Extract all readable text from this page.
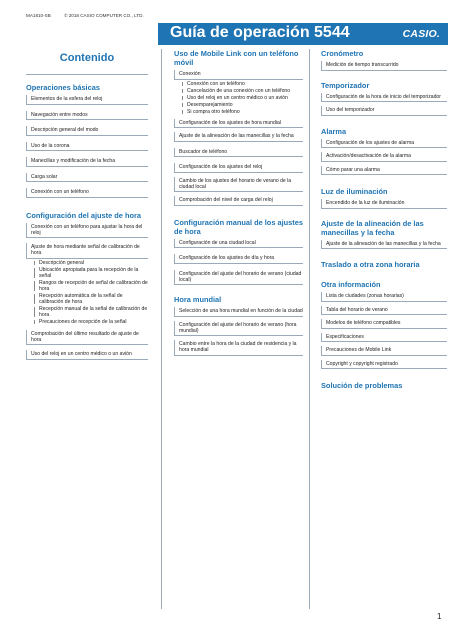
MA1810-SB	© 2018 CASIO COMPUTER CO., LTD.
Guía de operación 5544	CASIO.
Contenido
Operaciones básicas
Elementos de la esfera del reloj
Navegación entre modos
Descripción general del modo
Uso de la corona
Manecillas y modificación de la fecha
Carga solar
Conexión con un teléfono
Configuración del ajuste de hora
Conexión con un teléfono para ajustar la hora del reloj
Ajuste de hora mediante señal de calibración de hora
Descripción general
Ubicación apropiada para la recepción de la señal
Rangos de recepción de señal de calibración de hora
Recepción automática de la señal de calibración de hora
Recepción manual de la señal de calibración de hora
Precauciones de recepción de la señal
Comprobación del último resultado de ajuste de hora
Uso del reloj en un centro médico o un avión
Uso de Mobile Link con un teléfono móvil
Conexión
Conexión con un teléfono
Cancelación de una conexión con un teléfono
Uso del reloj en un centro médico o un avión
Desemparejamiento
Si compra otro teléfono
Configuración de los ajustes de hora mundial
Ajuste de la alineación de las manecillas y la fecha
Buscador de teléfono
Configuración de los ajustes del reloj
Cambio de los ajustes del horario de verano de la ciudad local
Comprobación del nivel de carga del reloj
Configuración manual de los ajustes de hora
Configuración de una ciudad local
Configuración de los ajustes de día y hora
Configuración del ajuste del horario de verano (ciudad local)
Hora mundial
Selección de una hora mundial en función de la ciudad
Configuración del ajuste del horario de verano (hora mundial)
Cambio entre la hora de la ciudad de residencia y la hora mundial
Cronómetro
Medición de tiempo transcurrido
Temporizador
Configuración de la hora de inicio del temporizador
Uso del temporizador
Alarma
Configuración de los ajustes de alarma
Activación/desactivación de la alarma
Cómo parar una alarma
Luz de iluminación
Encendido de la luz de iluminación
Ajuste de la alineación de las manecillas y la fecha
Ajuste de la alineación de las manecillas y la fecha
Traslado a otra zona horaria
Otra información
Lista de ciudades (zonas horarias)
Tabla del horario de verano
Modelos de teléfono compatibles
Especificaciones
Precauciones de Mobile Link
Copyright y copyright registrado
Solución de problemas
1
